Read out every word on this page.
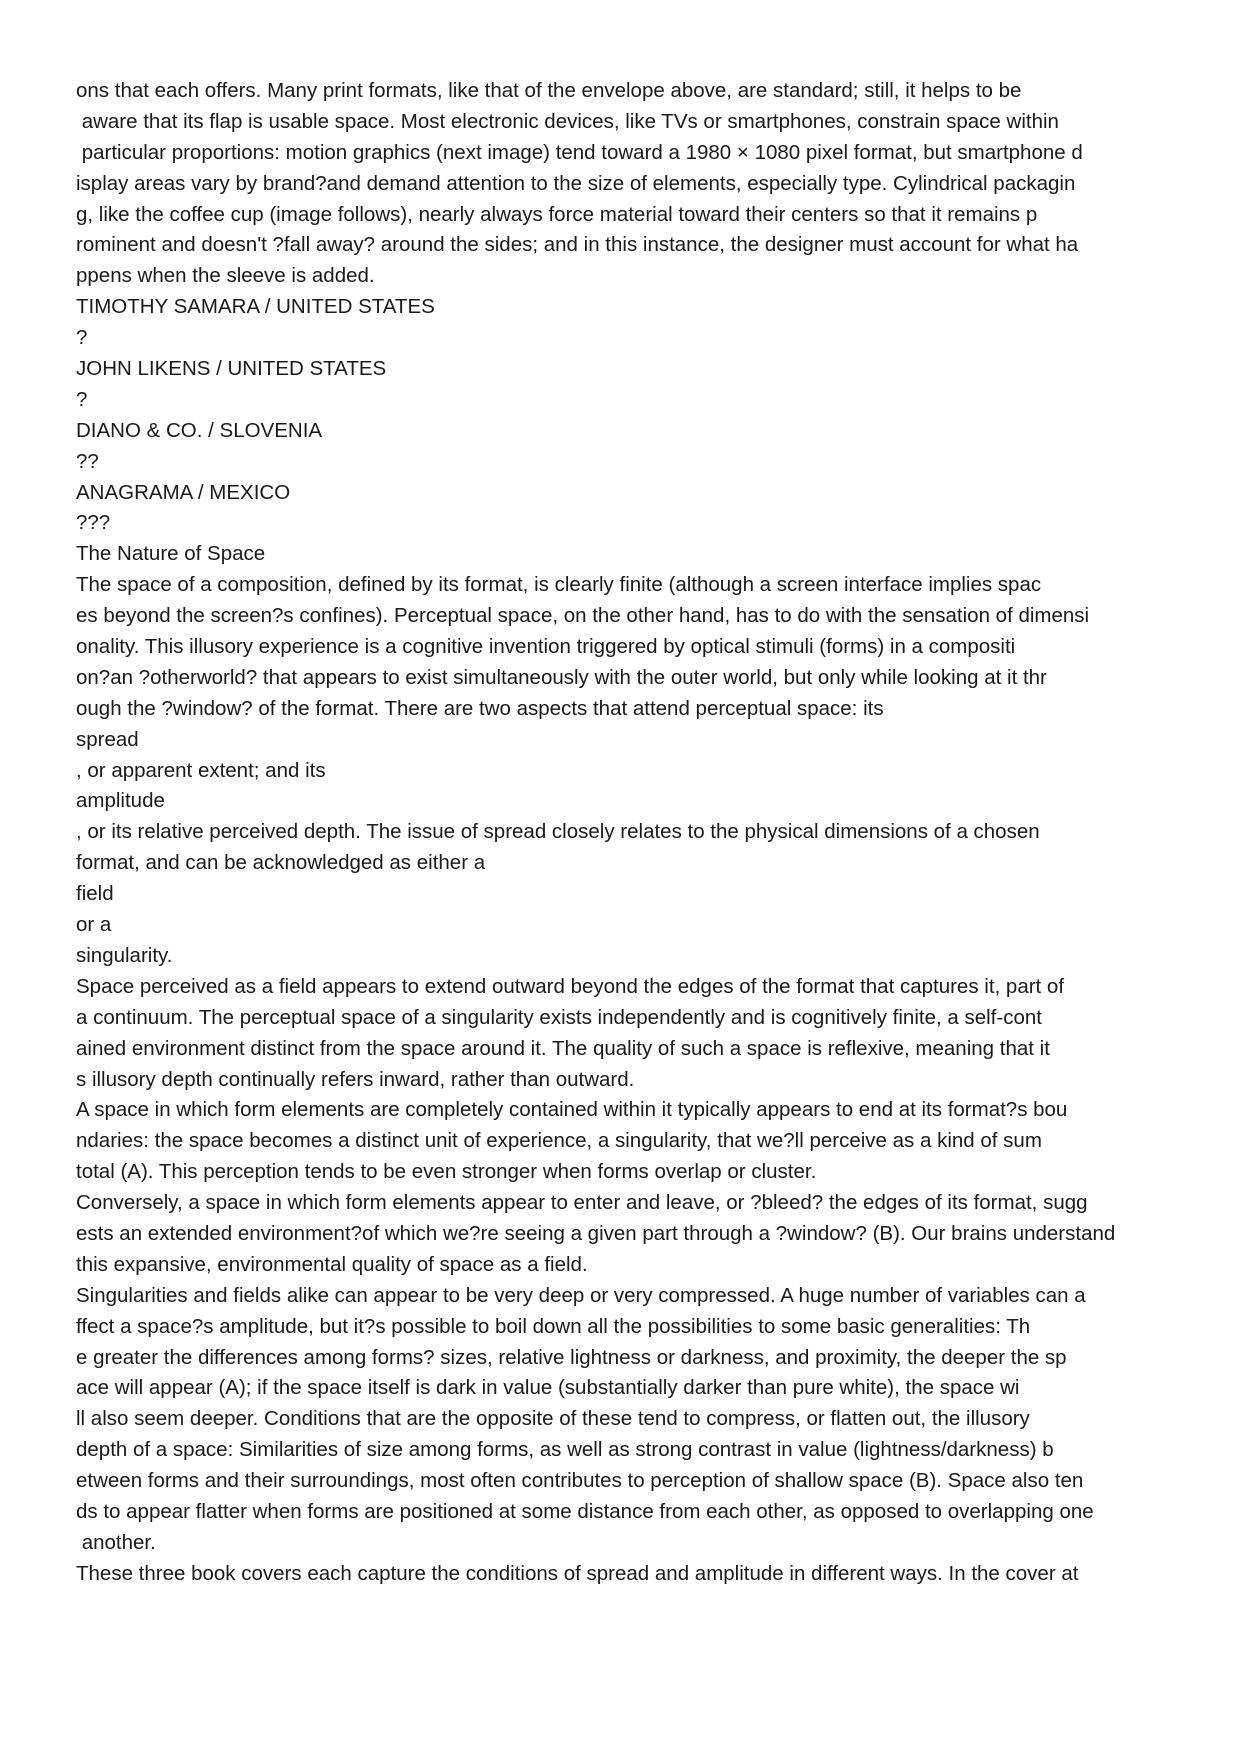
ons that each offers. Many print formats, like that of the envelope above, are standard; still, it helps to be
aware that its flap is usable space. Most electronic devices, like TVs or smartphones, constrain space within
particular proportions: motion graphics (next image) tend toward a 1980 × 1080 pixel format, but smartphone d
isplay areas vary by brand?and demand attention to the size of elements, especially type. Cylindrical packagin
g, like the coffee cup (image follows), nearly always force material toward their centers so that it remains p
rominent and doesn't ?fall away? around the sides; and in this instance, the designer must account for what ha
ppens when the sleeve is added.
TIMOTHY SAMARA / UNITED STATES
?
JOHN LIKENS / UNITED STATES
?
DIANO & CO. / SLOVENIA
??
ANAGRAMA / MEXICO
???
The Nature of Space
The space of a composition, defined by its format, is clearly finite (although a screen interface implies spac
es beyond the screen?s confines). Perceptual space, on the other hand, has to do with the sensation of dimensi
onality. This illusory experience is a cognitive invention triggered by optical stimuli (forms) in a compositi
on?an ?otherworld? that appears to exist simultaneously with the outer world, but only while looking at it thr
ough the ?window? of the format. There are two aspects that attend perceptual space: its
spread
, or apparent extent; and its
amplitude
, or its relative perceived depth. The issue of spread closely relates to the physical dimensions of a chosen
format, and can be acknowledged as either a
field
or a
singularity.
Space perceived as a field appears to extend outward beyond the edges of the format that captures it, part of
a continuum. The perceptual space of a singularity exists independently and is cognitively finite, a self-cont
ained environment distinct from the space around it. The quality of such a space is reflexive, meaning that it
s illusory depth continually refers inward, rather than outward.
A space in which form elements are completely contained within it typically appears to end at its format?s bou
ndaries: the space becomes a distinct unit of experience, a singularity, that we?ll perceive as a kind of sum
total (A). This perception tends to be even stronger when forms overlap or cluster.
Conversely, a space in which form elements appear to enter and leave, or ?bleed? the edges of its format, sugg
ests an extended environment?of which we?re seeing a given part through a ?window? (B). Our brains understand
this expansive, environmental quality of space as a field.
Singularities and fields alike can appear to be very deep or very compressed. A huge number of variables can a
ffect a space?s amplitude, but it?s possible to boil down all the possibilities to some basic generalities: Th
e greater the differences among forms? sizes, relative lightness or darkness, and proximity, the deeper the sp
ace will appear (A); if the space itself is dark in value (substantially darker than pure white), the space wi
ll also seem deeper. Conditions that are the opposite of these tend to compress, or flatten out, the illusory
depth of a space: Similarities of size among forms, as well as strong contrast in value (lightness/darkness) b
etween forms and their surroundings, most often contributes to perception of shallow space (B). Space also ten
ds to appear flatter when forms are positioned at some distance from each other, as opposed to overlapping one
another.
These three book covers each capture the conditions of spread and amplitude in different ways. In the cover at
